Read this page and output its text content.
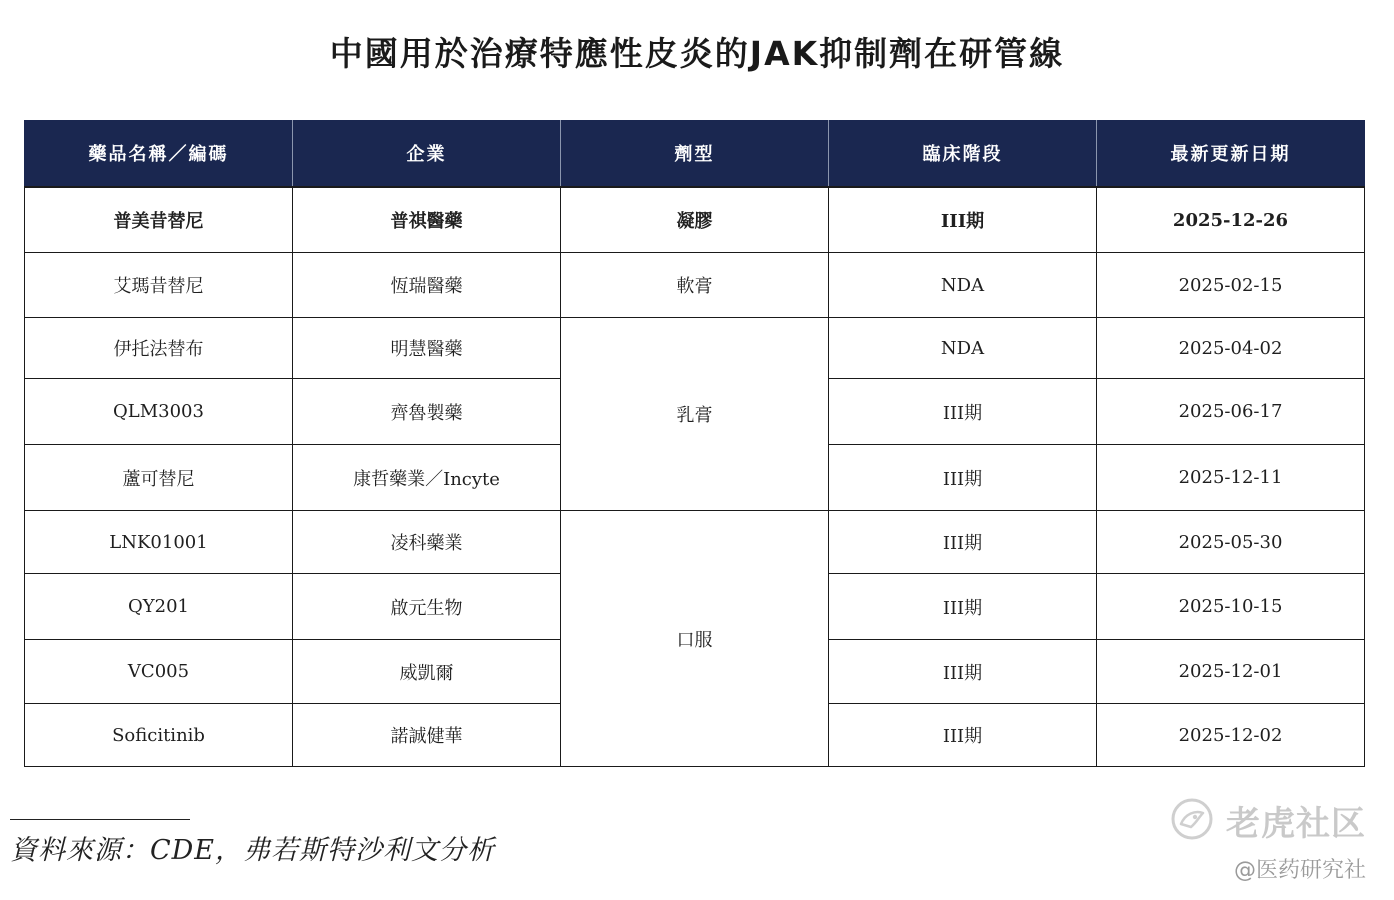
中國用於治療特應性皮炎的JAK抑制劑在研管線
藥品名稱／編碼	企業	劑型	臨床階段	最新更新日期
普美昔替尼	普祺醫藥	凝膠	III期	2025-12-26
艾瑪昔替尼	恆瑞醫藥	軟膏	NDA	2025-02-15
伊托法替布	明慧醫藥	乳膏	NDA	2025-04-02
QLM3003	齊魯製藥		III期	2025-06-17
蘆可替尼	康哲藥業／Incyte		III期	2025-12-11
LNK01001	凌科藥業	口服	III期	2025-05-30
QY201	啟元生物		III期	2025-10-15
VC005	威凱爾		III期	2025-12-01
Soficitinib	諾誠健華		III期	2025-12-02
資料來源：CDE，弗若斯特沙利文分析
老虎社区
@医药研究社
